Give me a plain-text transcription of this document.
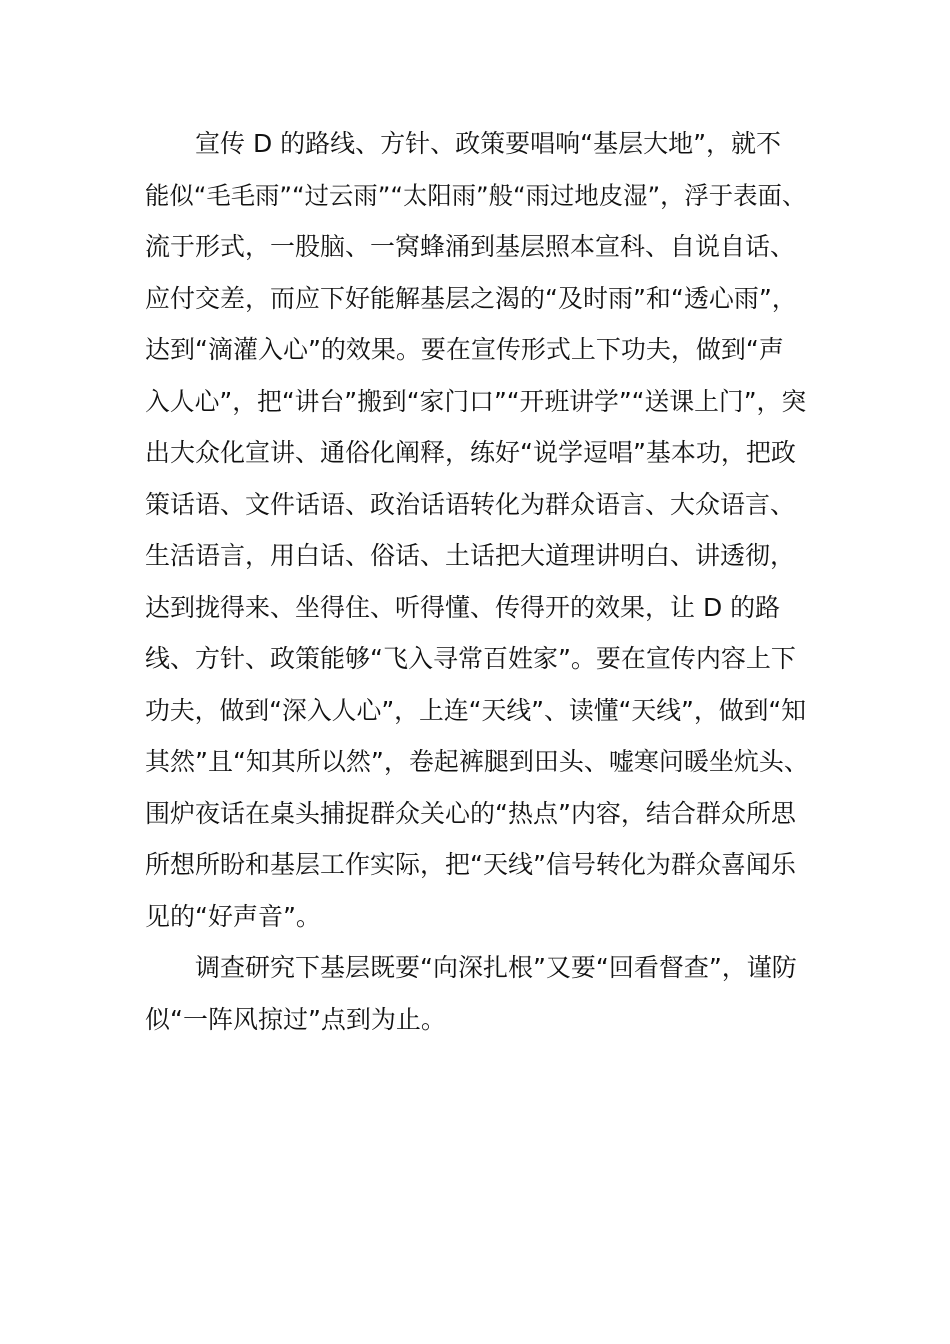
宣传 D 的路线、方针、政策要唱响“基层大地”，就不
能似“毛毛雨”“过云雨”“太阳雨”般“雨过地皮湿”，浮于表面、
流于形式，一股脑、一窝蜂涌到基层照本宣科、自说自话、
应付交差，而应下好能解基层之渴的“及时雨”和“透心雨”，
达到“滴灌入心”的效果。要在宣传形式上下功夫，做到“声
入人心”，把“讲台”搬到“家门口”“开班讲学”“送课上门”，突
出大众化宣讲、通俗化阐释，练好“说学逗唱”基本功，把政
策话语、文件话语、政治话语转化为群众语言、大众语言、
生活语言，用白话、俗话、土话把大道理讲明白、讲透彻，
达到拢得来、坐得住、听得懂、传得开的效果，让 D 的路
线、方针、政策能够“飞入寻常百姓家”。要在宣传内容上下
功夫，做到“深入人心”，上连“天线”、读懂“天线”，做到“知
其然”且“知其所以然”，卷起裤腿到田头、嘘寒问暖坐炕头、
围炉夜话在桌头捕捉群众关心的“热点”内容，结合群众所思
所想所盼和基层工作实际，把“天线”信号转化为群众喜闻乐
见的“好声音”。
调查研究下基层既要“向深扎根”又要“回看督查”，谨防
似“一阵风掠过”点到为止。
